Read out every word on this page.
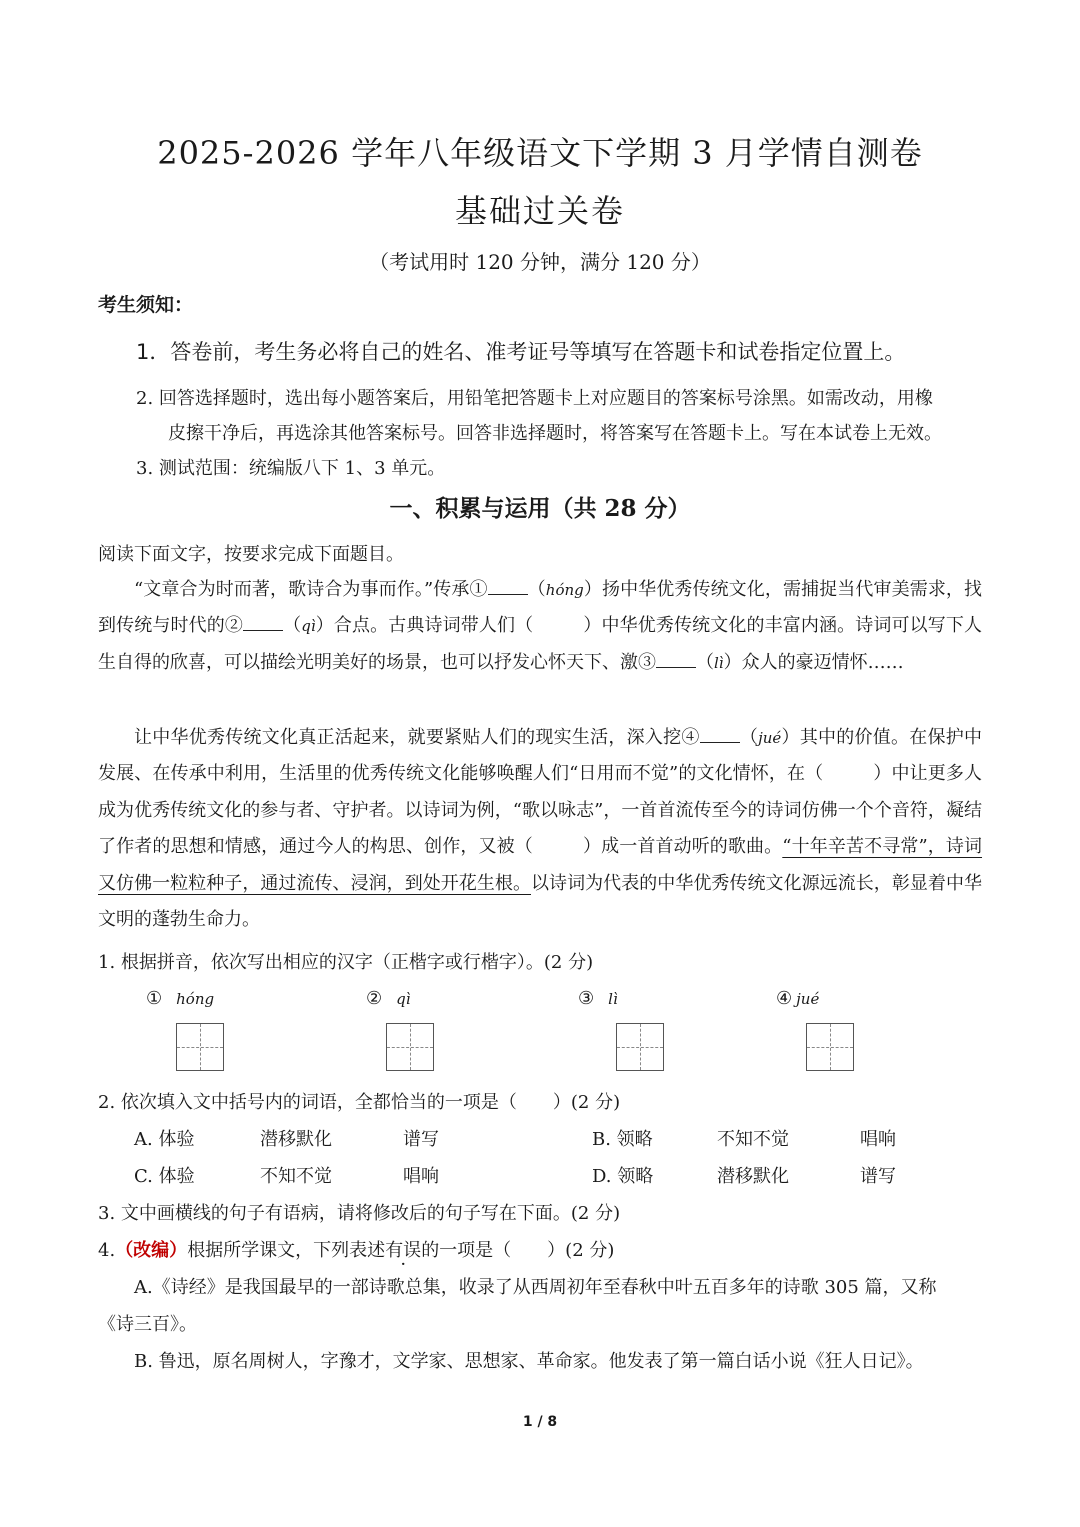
2025-2026 学年八年级语文下学期 3 月学情自测卷
基础过关卷
（考试用时 120 分钟，满分 120 分）
考生须知：
1．答卷前，考生务必将自己的姓名、准考证号等填写在答题卡和试卷指定位置上。
2. 回答选择题时，选出每小题答案后，用铅笔把答题卡上对应题目的答案标号涂黑。如需改动，用橡
皮擦干净后，再选涂其他答案标号。回答非选择题时，将答案写在答题卡上。写在本试卷上无效。
3. 测试范围：统编版八下 1、3 单元。
一、积累与运用（共 28 分）
阅读下面文字，按要求完成下面题目。
“文章合为时而著，歌诗合为事而作。”传承① （hóng）扬中华优秀传统文化，需捕捉当代审美需求，找到传统与时代的② （qì）合点。古典诗词带人们（	）中华优秀传统文化的丰富内涵。诗词可以写下人生自得的欣喜，可以描绘光明美好的场景，也可以抒发心怀天下、激③ （lì）众人的豪迈情怀……
让中华优秀传统文化真正活起来，就要紧贴人们的现实生活，深入挖④ （jué）其中的价值。在保护中发展、在传承中利用，生活里的优秀传统文化能够唤醒人们“日用而不觉”的文化情怀，在（	）中让更多人成为优秀传统文化的参与者、守护者。以诗词为例，“歌以咏志”，一首首流传至今的诗词仿佛一个个音符，凝结了作者的思想和情感，通过今人的构思、创作，又被（	）成一首首动听的歌曲。“十年辛苦不寻常”，诗词又仿佛一粒粒种子，通过流传、浸润，到处开花生根。以诗词为代表的中华优秀传统文化源远流长，彰显着中华文明的蓬勃生命力。
1. 根据拼音，依次写出相应的汉字（正楷字或行楷字）。(2 分)
① hóng	② qì	③ lì	④ jué
2. 依次填入文中括号内的词语，全都恰当的一项是（　　）(2 分)
A. 体验	潜移默化	谱写	B. 领略	不知不觉	唱响
C. 体验	不知不觉	唱响	D. 领略	潜移默化	谱写
3. 文中画横线的句子有语病，请将修改后的句子写在下面。(2 分)
4.（改编）根据所学课文，下列表述有误的一项是（　　）(2 分)
A.《诗经》是我国最早的一部诗歌总集，收录了从西周初年至春秋中叶五百多年的诗歌 305 篇，又称
《诗三百》。
B. 鲁迅，原名周树人，字豫才，文学家、思想家、革命家。他发表了第一篇白话小说《狂人日记》。
1 / 8
